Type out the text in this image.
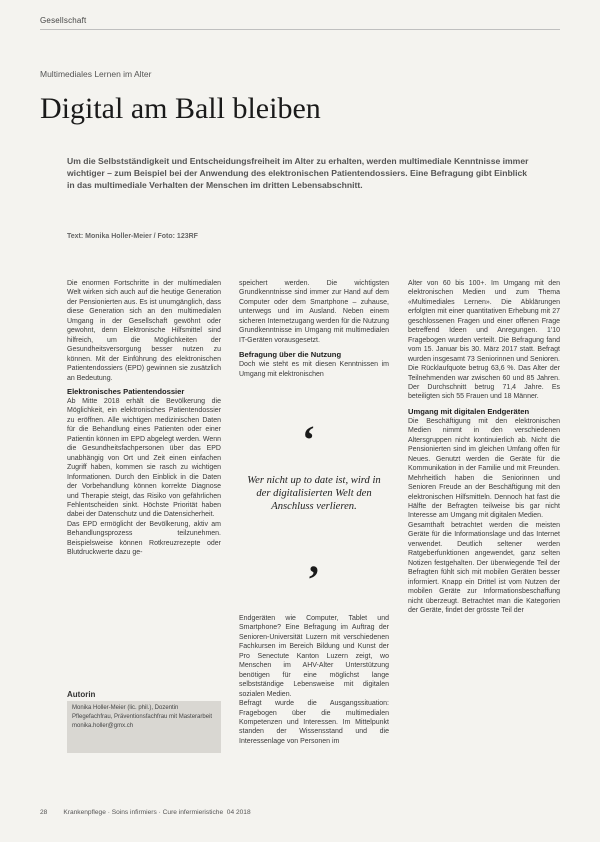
Gesellschaft
Multimediales Lernen im Alter
Digital am Ball bleiben
Um die Selbstständigkeit und Entscheidungsfreiheit im Alter zu erhalten, werden multimediale Kenntnisse immer wichtiger – zum Beispiel bei der Anwendung des elektronischen Patientendossiers. Eine Befragung gibt Einblick in das multimediale Verhalten der Menschen im dritten Lebensabschnitt.
Text: Monika Holler-Meier / Foto: 123RF

Die enormen Fortschritte in der multimedialen Welt wirken sich auch auf die heutige Generation der Pensionierten aus. Es ist unumgänglich, dass diese Generation sich an den multimedialen Umgang in der Gesellschaft gewöhnt oder gewohnt, denn Elektronische Hilfsmittel sind hilfreich, um die Möglichkeiten der Gesundheitsversorgung besser nutzen zu können. Mit der Einführung des elektronischen Patientendossiers (EPD) gewinnen sie zusätzlich an Bedeutung.

Elektronisches Patientendossier

Ab Mitte 2018 erhält die Bevölkerung die Möglichkeit, ein elektronisches Patientendossier zu eröffnen. Alle wichtigen medizinischen Daten für die Behandlung eines Patienten oder einer Patientin können im EPD abgelegt werden. Wenn die Gesundheitsfachpersonen über das EPD unabhängig von Ort und Zeit einen einfachen Zugriff haben, kommen sie rasch zu wichtigen Informationen. Durch den Einblick in die Daten der Vorbehandlung können korrekte Diagnose und Therapie steigt, das Risiko von gefährlichen Fehlentscheiden sinkt. Höchste Priorität haben dabei der Datenschutz und die Datensicherheit.

Das EPD ermöglicht der Bevölkerung, aktiv am Behandlungsprozess teilzunehmen. Beispielsweise können Rotkreuzrezepte oder Blutdruckwerte dazu ge-

speichert werden. Die wichtigsten Grundkenntnisse sind immer zur Hand auf dem Computer oder dem Smartphone – zuhause, unterwegs und im Ausland. Neben einem sicheren Internetzugang werden für die Nutzung Grundkenntnisse im Umgang mit multimedialen IT-Geräten vorausgesetzt.

Befragung über die Nutzung

Doch wie steht es mit diesen Kenntnissen im Umgang mit elektronischen

‘
Wer nicht up to date ist, wird in der digitalisierten Welt den Anschluss verlieren.
’

Endgeräten wie Computer, Tablet und Smartphone? Eine Befragung im Auftrag der Senioren-Universität Luzern mit verschiedenen Fachkursen im Bereich Bildung und Kunst der Pro Senectute Kanton Luzern zeigt, wo Menschen im AHV-Alter Unterstützung benötigen für eine möglichst lange selbstständige Lebensweise mit digitalen sozialen Medien.

Befragt wurde die Ausgangssituation: Fragebogen über die multimedialen Kompetenzen und Interessen. Im Mittelpunkt standen der Wissensstand und die Interessenlage von Personen im

Alter von 60 bis 100+. Im Umgang mit den elektronischen Medien und zum Thema «Multimediales Lernen». Die Abklärungen erfolgten mit einer quantitativen Erhebung mit 27 geschlossenen Fragen und einer offenen Frage betreffend Ideen und Anregungen. 1'10 Fragebogen wurden verteilt. Die Befragung fand vom 15. Januar bis 30. März 2017 statt. Befragt wurden insgesamt 73 Seniorinnen und Senioren. Die Rücklaufquote betrug 63,6 %. Das Alter der Teilnehmenden war zwischen 60 und 85 Jahren. Der Durchschnitt betrug 71,4 Jahre. Es beteiligten sich 55 Frauen und 18 Männer.

Umgang mit digitalen Endgeräten

Die Beschäftigung mit den elektronischen Medien nimmt in den verschiedenen Altersgruppen nicht kontinuierlich ab. Nicht die Pensionierten sind im gleichen Umfang offen für Neues. Genutzt werden die Geräte für die Kommunikation in der Familie und mit Freunden. Mehrheitlich haben die Seniorinnen und Senioren Freude an der Beschäftigung mit den elektronischen Hilfsmitteln. Dennoch hat fast die Hälfte der Befragten teilweise bis gar nicht Interesse am Umgang mit digitalen Medien.

Gesamthaft betrachtet werden die meisten Geräte für die Informationslage und das Internet verwendet. Deutlich seltener werden Ratgeberfunktionen angewendet, ganz selten Notizen festgehalten. Der überwiegende Teil der Befragten fühlt sich mit mobilen Geräten besser informiert. Knapp ein Drittel ist vom Nutzen der mobilen Geräte zur Informationsbeschaffung nicht überzeugt. Betrachtet man die Kategorien der Geräte, findet der grösste Teil der

Autorin
Monika Holler-Meier (lic. phil.), Dozentin Pflegefachfrau, Präventionsfachfrau mit Masterarbeit monika.holler@gmx.ch
28 Krankenpflege · Soins infirmiers · Cure infermieristiche 04 2018
